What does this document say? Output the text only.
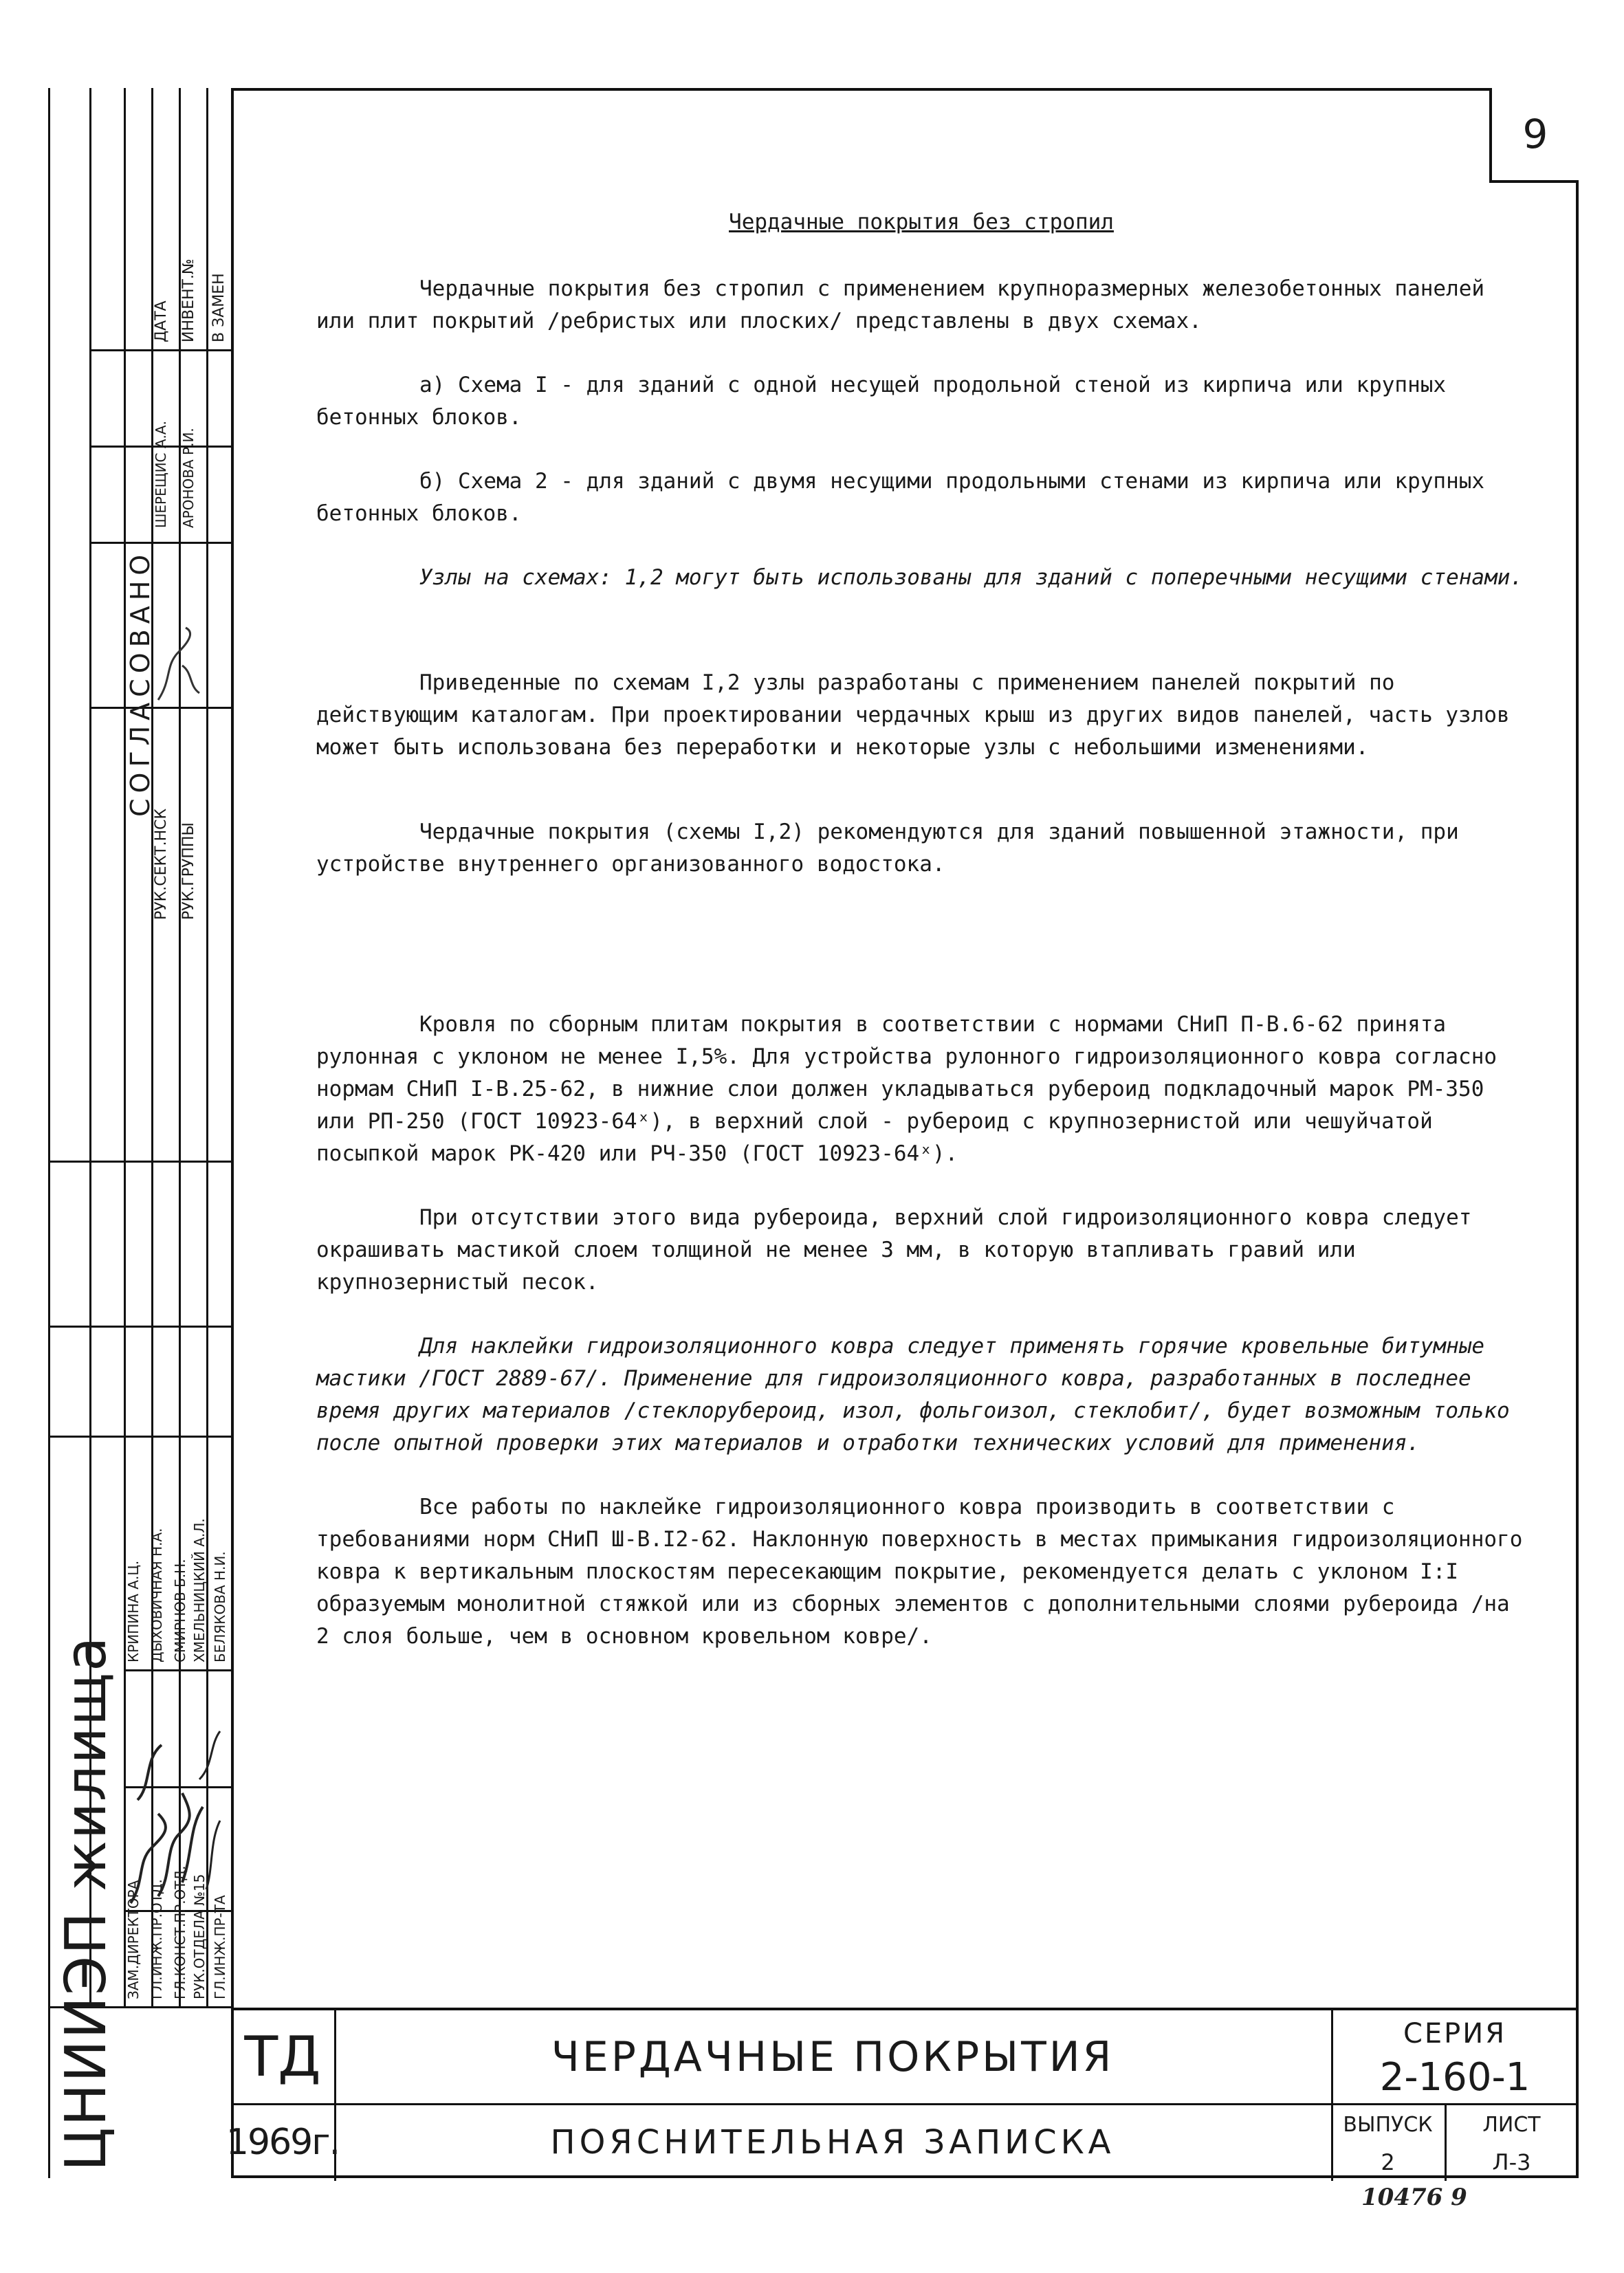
9
ЦНИИЭП жилища
СОГЛАСОВАНО
РУК.СЕКТ.НСК РУК.ГРУППЫ
ШЕРЕЩИС А.А. АРОНОВА Р.И.
ДАТА ИНВЕНТ.№ В ЗАМЕН
ЗАМ.ДИРЕКТОРА ГЛ.ИНЖ.ПР.ОТД. ГЛ.КОНСТ.ПР.ОТД. РУК.ОТДЕЛА №15 ГЛ.ИНЖ.ПР-ТА
КРИПИНА А.Ц. ДЫХОВИЧНАЯ Н.А. СМИРНОВ Б.Н. ХМЕЛЬНИЦКИЙ А.Л. БЕЛЯКОВА Н.И.
Чердачные покрытия без стропил

Чердачные покрытия без стропил с применением крупноразмерных железобетонных панелей или плит покрытий /ребристых или плоских/ представлены в двух схемах.

а) Схема I - для зданий с одной несущей продольной стеной из кирпича или крупных бетонных блоков.

б) Схема 2 - для зданий с двумя несущими продольными стенами из кирпича или крупных бетонных блоков.

Узлы на схемах: 1,2 могут быть использованы для зданий с поперечными несущими стенами.

Приведенные по схемам I,2 узлы разработаны с применением панелей покрытий по действующим каталогам. При проектировании чердачных крыш из других видов панелей, часть узлов может быть использована без переработки и некоторые узлы с небольшими изменениями.

Чердачные покрытия (схемы I,2) рекомендуются для зданий повышенной этажности, при устройстве внутреннего организованного водостока.

Кровля по сборным плитам покрытия в соответствии с нормами СНиП П-В.6-62 принята рулонная с уклоном не менее I,5%. Для устройства рулонного гидроизоляционного ковра согласно нормам СНиП I-В.25-62, в нижние слои должен укладываться рубероид подкладочный марок РМ-350 или РП-250 (ГОСТ 10923-64ˣ), в верхний слой - рубероид с крупнозернистой или чешуйчатой посыпкой марок РК-420 или РЧ-350 (ГОСТ 10923-64ˣ).

При отсутствии этого вида рубероида, верхний слой гидроизоляционного ковра следует окрашивать мастикой слоем толщиной не менее 3 мм, в которую втапливать гравий или крупнозернистый песок.

Для наклейки гидроизоляционного ковра следует применять горячие кровельные битумные мастики /ГОСТ 2889-67/. Применение для гидроизоляционного ковра, разработанных в последнее время других материалов /стеклорубероид, изол, фольгоизол, стеклобит/, будет возможным только после опытной проверки этих материалов и отработки технических условий для применения.

Все работы по наклейке гидроизоляционного ковра производить в соответствии с требованиями норм СНиП Ш-В.I2-62. Наклонную поверхность в местах примыкания гидроизоляционного ковра к вертикальным плоскостям пересекающим покрытие, рекомендуется делать с уклоном I:I образуемым монолитной стяжкой или из сборных элементов с дополнительными слоями рубероида /на 2 слоя больше, чем в основном кровельном ковре/.

ТД
1969г.
ЧЕРДАЧНЫЕ ПОКРЫТИЯ
ПОЯСНИТЕЛЬНАЯ ЗАПИСКА
СЕРИЯ
2-160-1
ВЫПУСК
2
ЛИСТ
Л-3
10476 9
